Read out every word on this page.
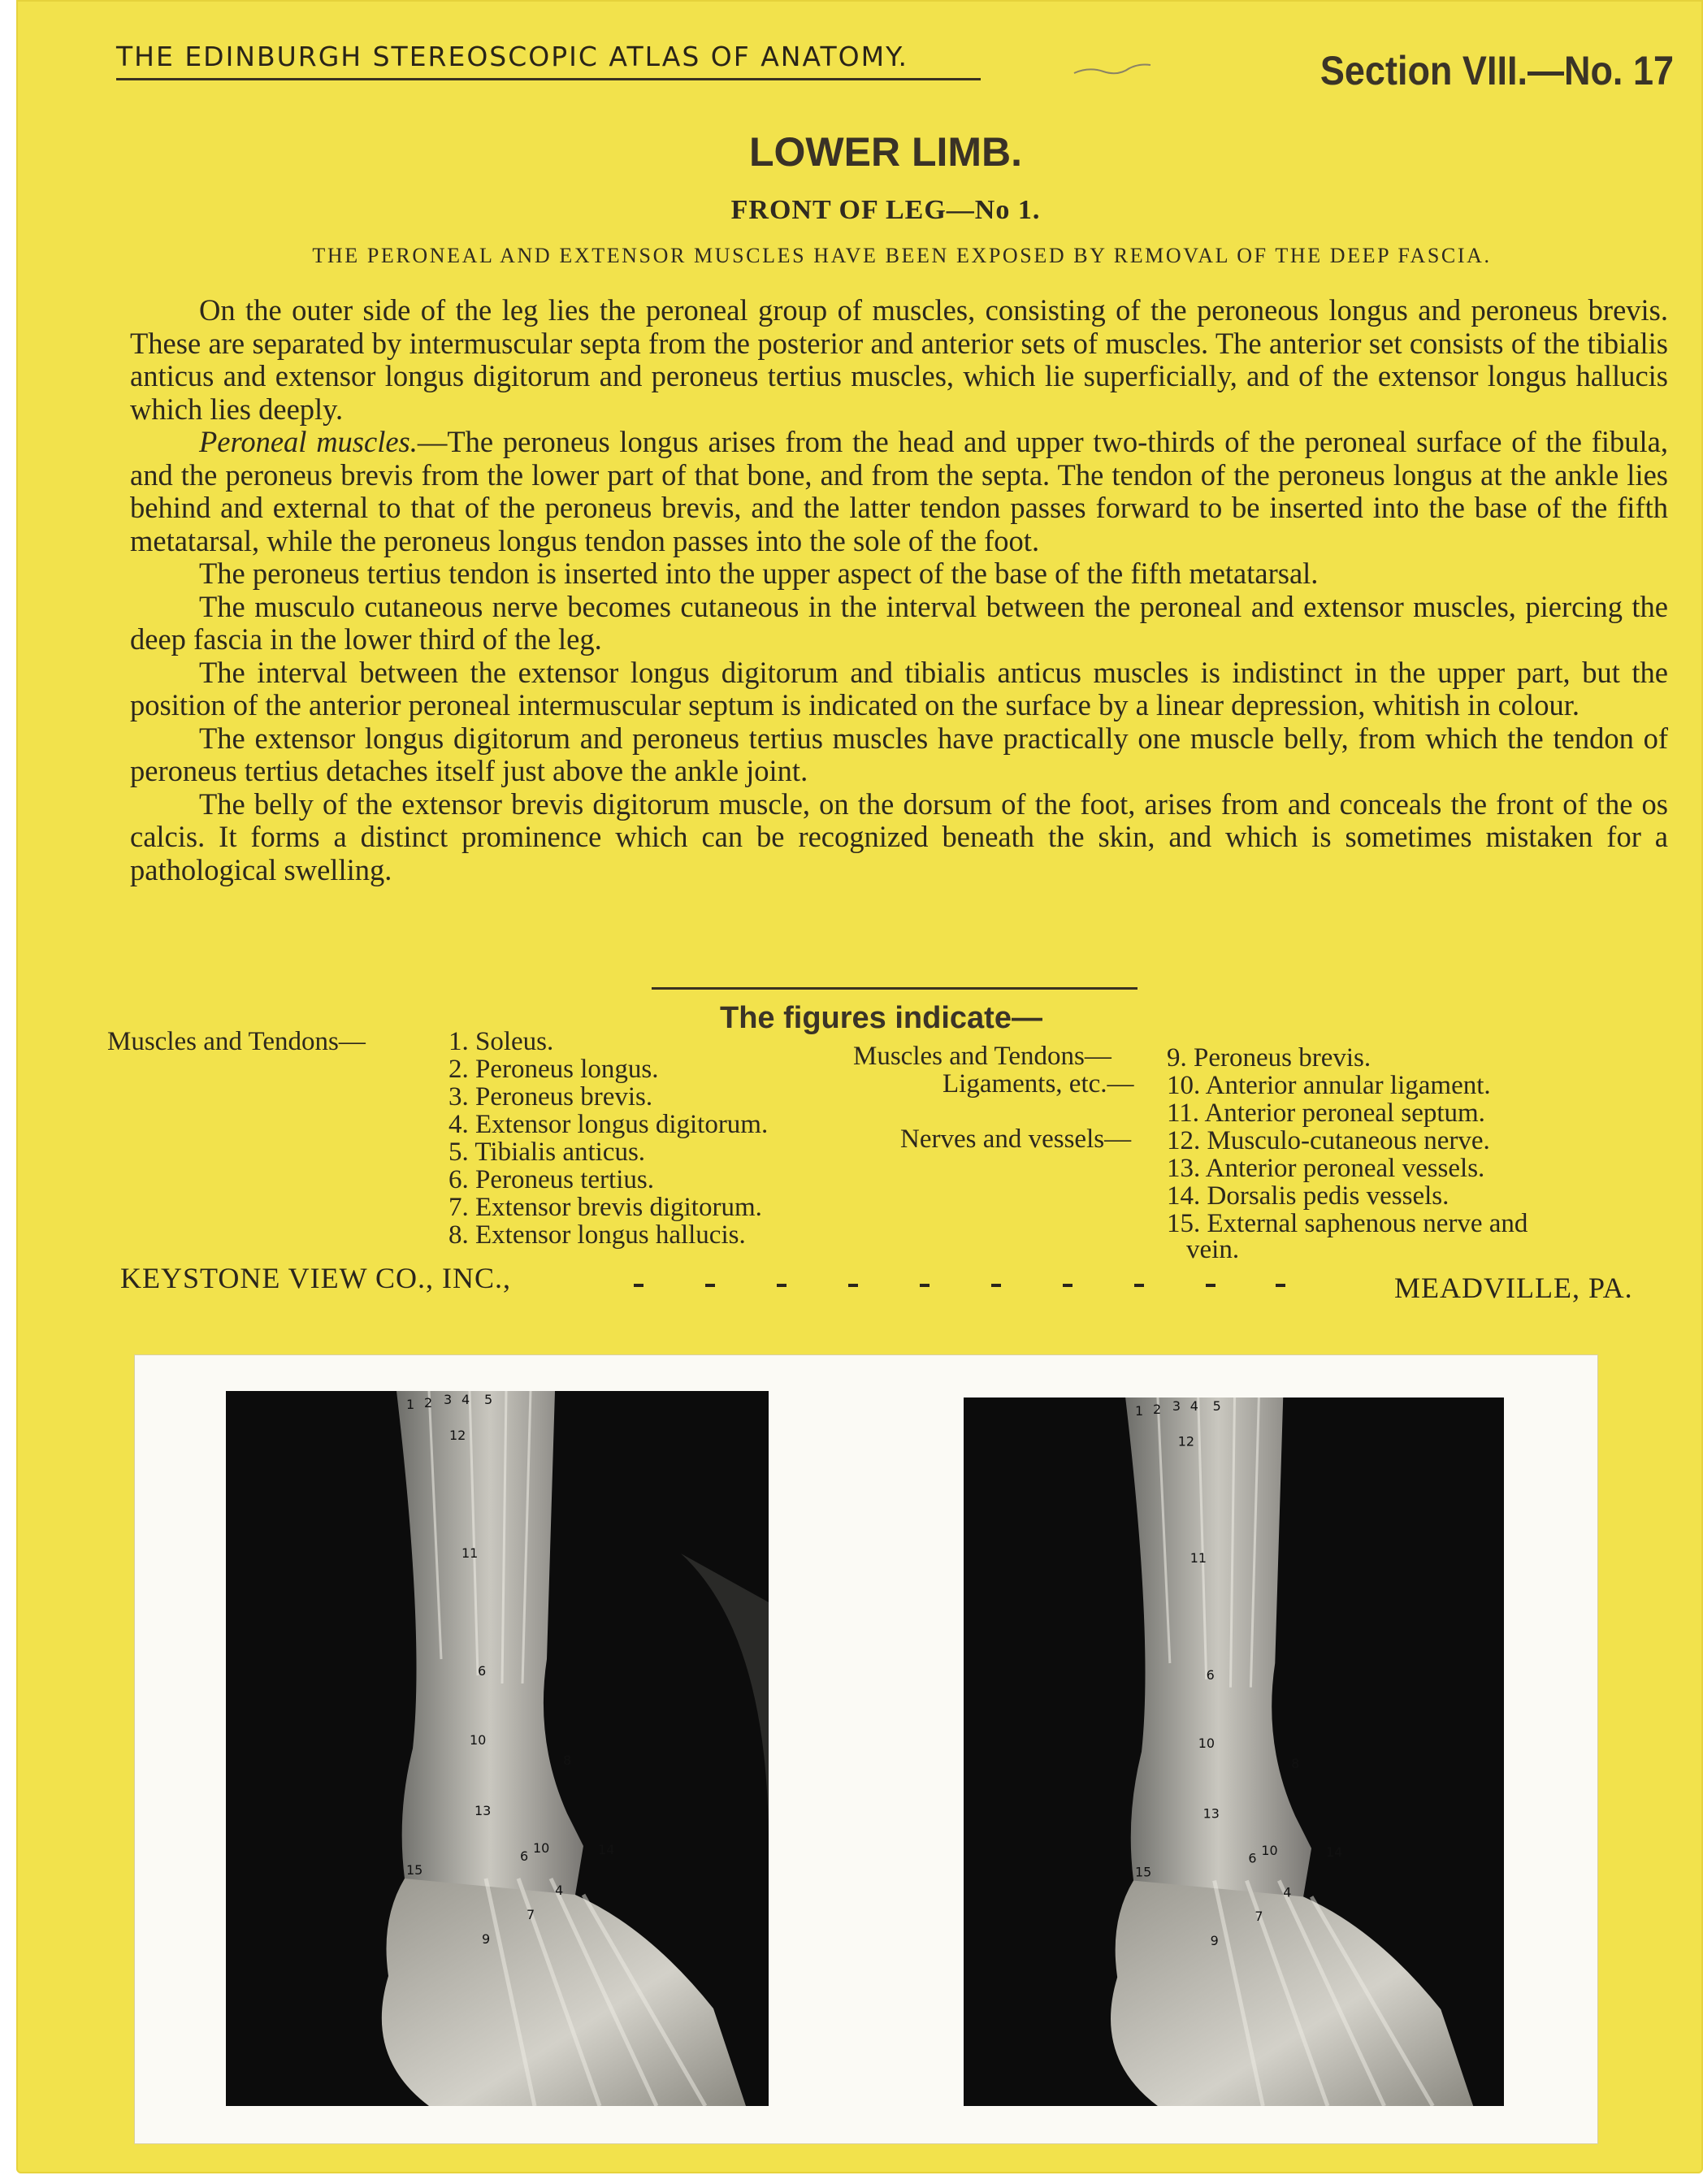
THE EDINBURGH STEREOSCOPIC ATLAS OF ANATOMY.	Section VIII.—No. 17
LOWER LIMB.
FRONT OF LEG—No 1.
THE PERONEAL AND EXTENSOR MUSCLES HAVE BEEN EXPOSED BY REMOVAL OF THE DEEP FASCIA.

On the outer side of the leg lies the peroneal group of muscles, consisting of the peroneous longus and peroneus brevis. These are separated by intermuscular septa from the posterior and anterior sets of muscles. The anterior set consists of the tibialis anticus and extensor longus digitorum and peroneus tertius muscles, which lie superficially, and of the extensor longus hallucis which lies deeply.

Peroneal muscles.—The peroneus longus arises from the head and upper two-thirds of the peroneal surface of the fibula, and the peroneus brevis from the lower part of that bone, and from the septa. The tendon of the peroneus longus at the ankle lies behind and external to that of the peroneus brevis, and the latter tendon passes forward to be inserted into the base of the fifth metatarsal, while the peroneus longus tendon passes into the sole of the foot.

The peroneus tertius tendon is inserted into the upper aspect of the base of the fifth metatarsal.

The musculo cutaneous nerve becomes cutaneous in the interval between the peroneal and extensor muscles, piercing the deep fascia in the lower third of the leg.

The interval between the extensor longus digitorum and tibialis anticus muscles is indistinct in the upper part, but the position of the anterior peroneal intermuscular septum is indicated on the surface by a linear depression, whitish in colour.

The extensor longus digitorum and peroneus tertius muscles have practically one muscle belly, from which the tendon of peroneus tertius detaches itself just above the ankle joint.

The belly of the extensor brevis digitorum muscle, on the dorsum of the foot, arises from and conceals the front of the os calcis. It forms a distinct prominence which can be recognized beneath the skin, and which is sometimes mistaken for a pathological swelling.

The figures indicate—
Muscles and Tendons—	1. Soleus.
2. Peroneus longus.
3. Peroneus brevis.
4. Extensor longus digitorum.
5. Tibialis anticus.
6. Peroneus tertius.
7. Extensor brevis digitorum.
8. Extensor longus hallucis.
Muscles and Tendons— 9. Peroneus brevis.
Ligaments, etc.— 10. Anterior annular ligament.
11. Anterior peroneal septum.
Nerves and vessels— 12. Musculo-cutaneous nerve.
13. Anterior peroneal vessels.
14. Dorsalis pedis vessels.
15. External saphenous nerve and
vein.
KEYSTONE VIEW CO., INC.,	MEADVILLE, PA.
1 2 3 4 5
12
11
6
10
8
13
10
6	14
15
4
7
9
1 2 3 4 5
12
11
6
10
8
13
10
6	14
15
4
7
9
